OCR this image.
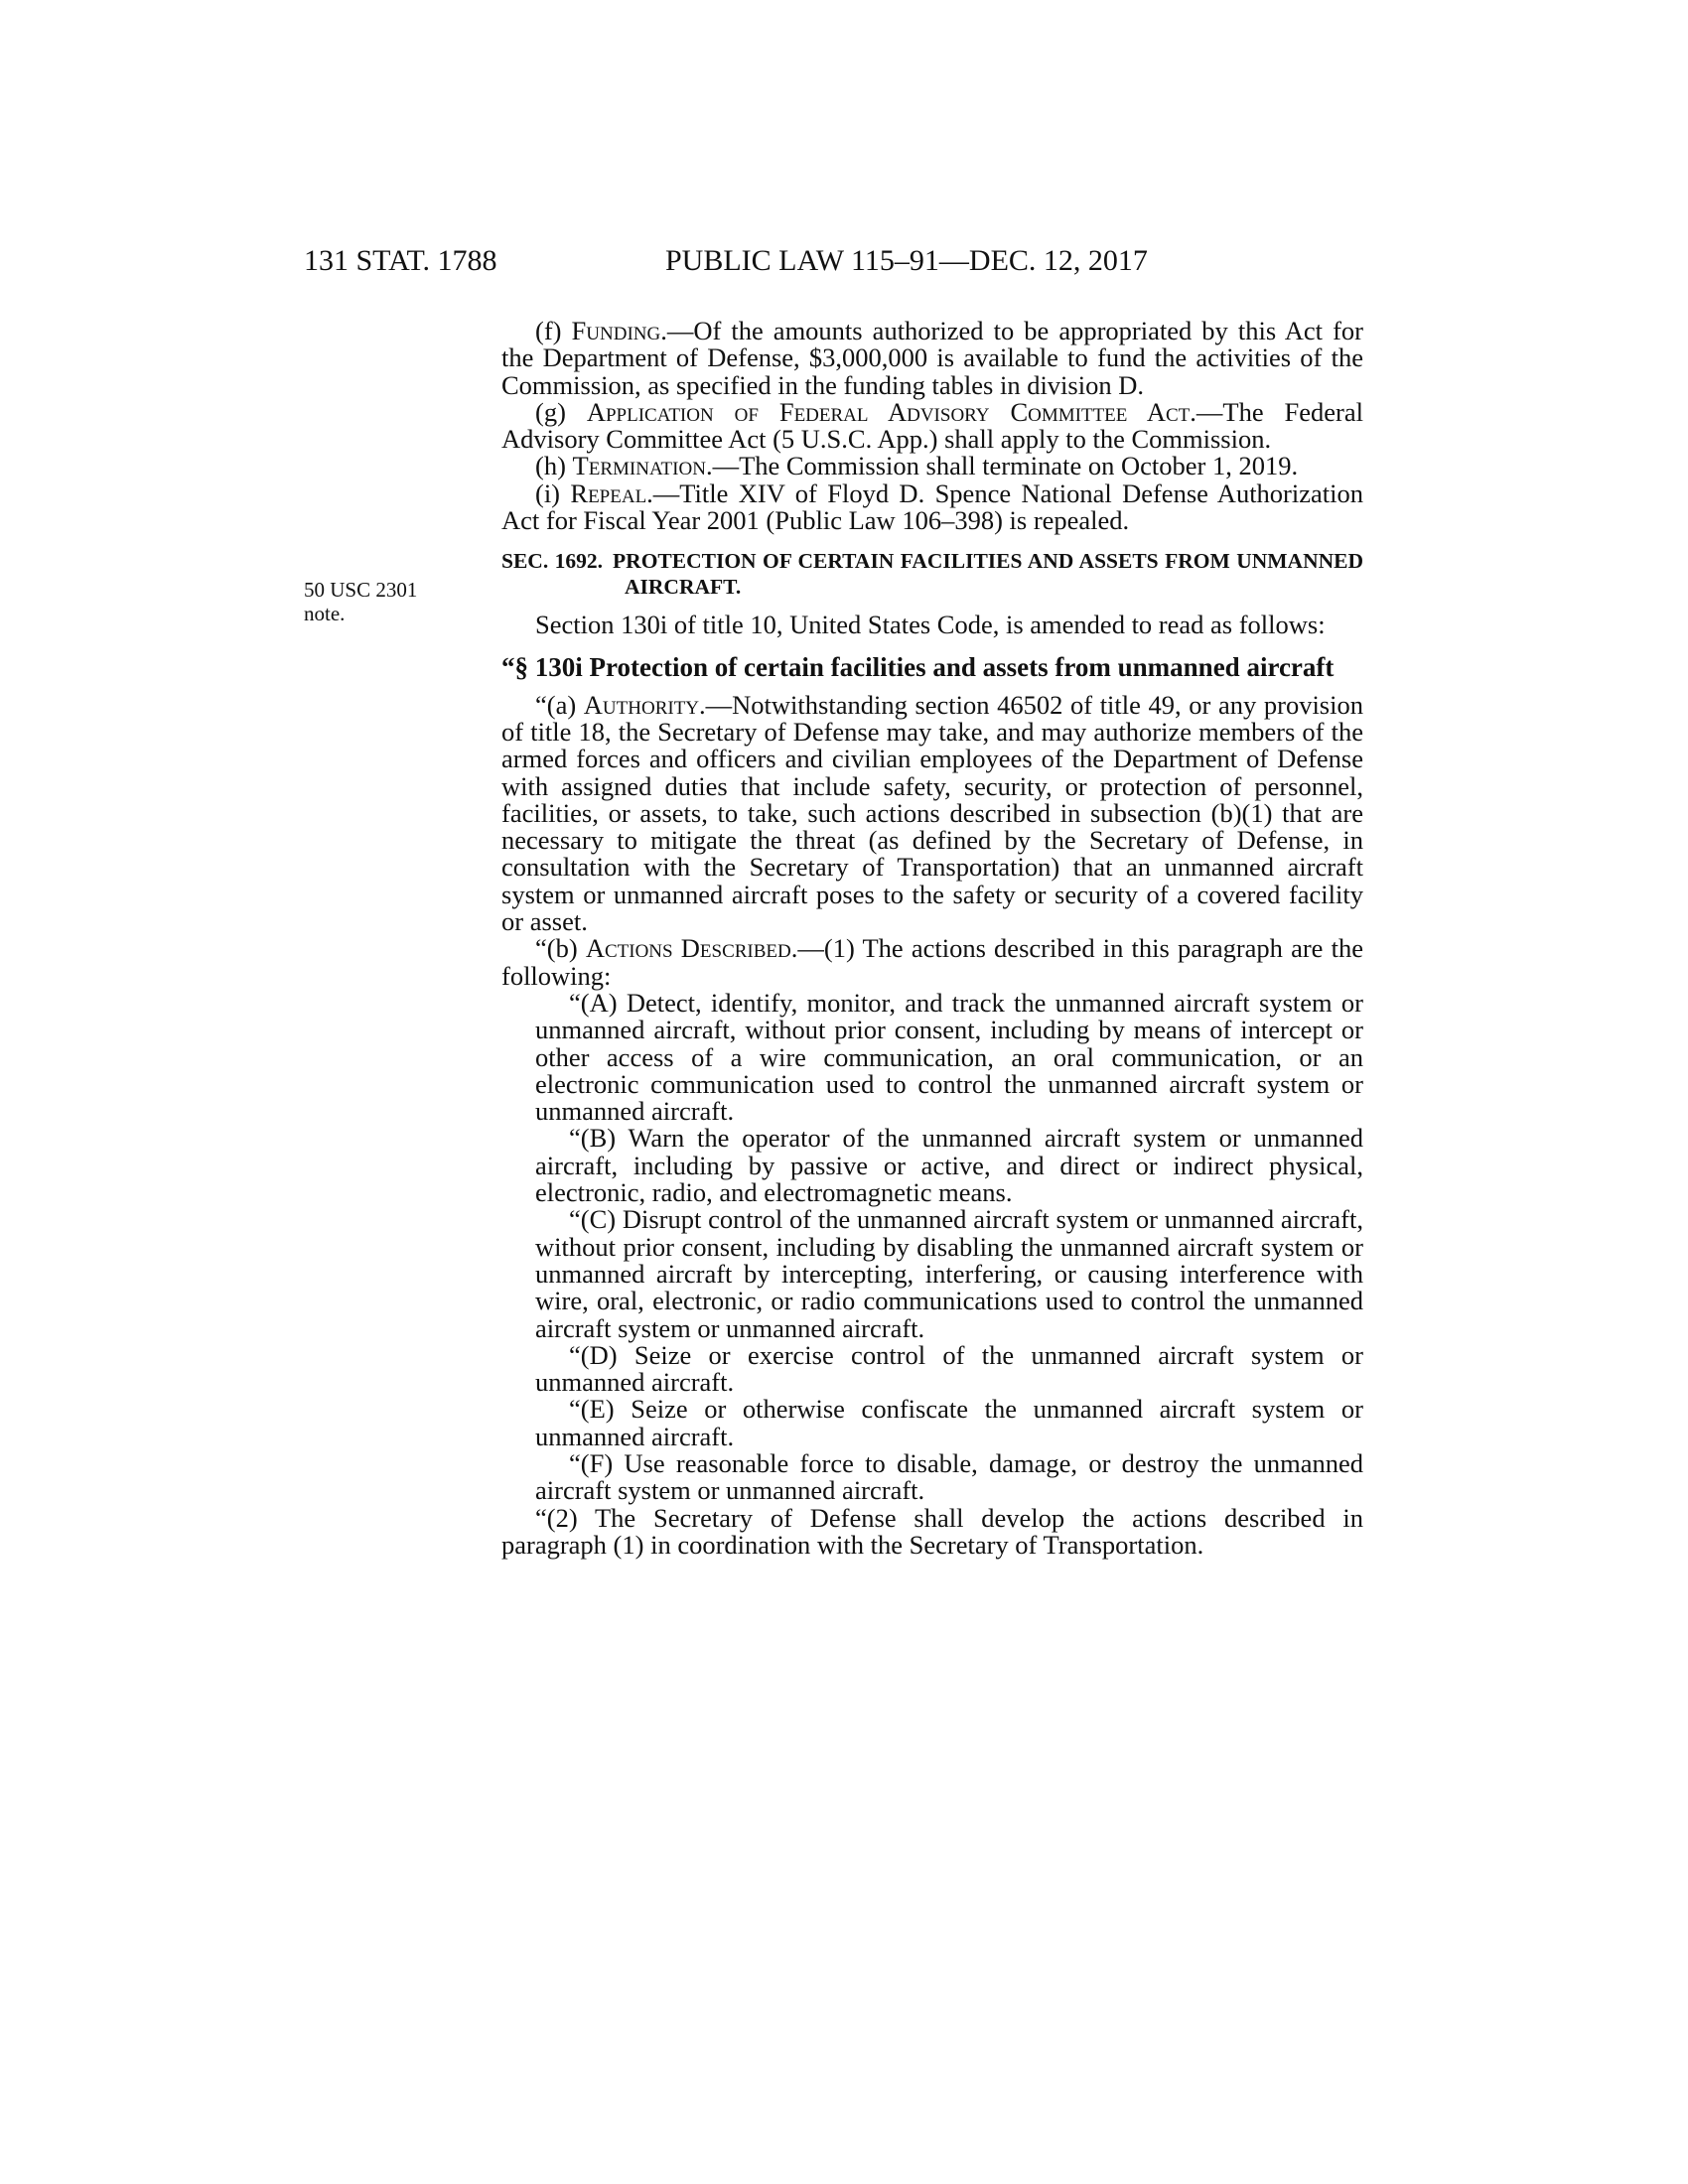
131 STAT. 1788	PUBLIC LAW 115–91—DEC. 12, 2017
50 USC 2301
note.

(f) Funding.—Of the amounts authorized to be appropriated by this Act for the Department of Defense, $3,000,000 is available to fund the activities of the Commission, as specified in the funding tables in division D.

(g) Application of Federal Advisory Committee Act.—The Federal Advisory Committee Act (5 U.S.C. App.) shall apply to the Commission.

(h) Termination.—The Commission shall terminate on October 1, 2019.

(i) Repeal.—Title XIV of Floyd D. Spence National Defense Authorization Act for Fiscal Year 2001 (Public Law 106–398) is repealed.

SEC. 1692. PROTECTION OF CERTAIN FACILITIES AND ASSETS FROM UNMANNED AIRCRAFT.

Section 130i of title 10, United States Code, is amended to read as follows:

“§ 130i Protection of certain facilities and assets from unmanned aircraft

“(a) Authority.—Notwithstanding section 46502 of title 49, or any provision of title 18, the Secretary of Defense may take, and may authorize members of the armed forces and officers and civilian employees of the Department of Defense with assigned duties that include safety, security, or protection of personnel, facilities, or assets, to take, such actions described in subsection (b)(1) that are necessary to mitigate the threat (as defined by the Secretary of Defense, in consultation with the Secretary of Transportation) that an unmanned aircraft system or unmanned aircraft poses to the safety or security of a covered facility or asset.

“(b) Actions Described.—(1) The actions described in this paragraph are the following:

“(A) Detect, identify, monitor, and track the unmanned aircraft system or unmanned aircraft, without prior consent, including by means of intercept or other access of a wire communication, an oral communication, or an electronic communication used to control the unmanned aircraft system or unmanned aircraft.

“(B) Warn the operator of the unmanned aircraft system or unmanned aircraft, including by passive or active, and direct or indirect physical, electronic, radio, and electromagnetic means.

“(C) Disrupt control of the unmanned aircraft system or unmanned aircraft, without prior consent, including by disabling the unmanned aircraft system or unmanned aircraft by intercepting, interfering, or causing interference with wire, oral, electronic, or radio communications used to control the unmanned aircraft system or unmanned aircraft.

“(D) Seize or exercise control of the unmanned aircraft system or unmanned aircraft.

“(E) Seize or otherwise confiscate the unmanned aircraft system or unmanned aircraft.

“(F) Use reasonable force to disable, damage, or destroy the unmanned aircraft system or unmanned aircraft.

“(2) The Secretary of Defense shall develop the actions described in paragraph (1) in coordination with the Secretary of Transportation.
